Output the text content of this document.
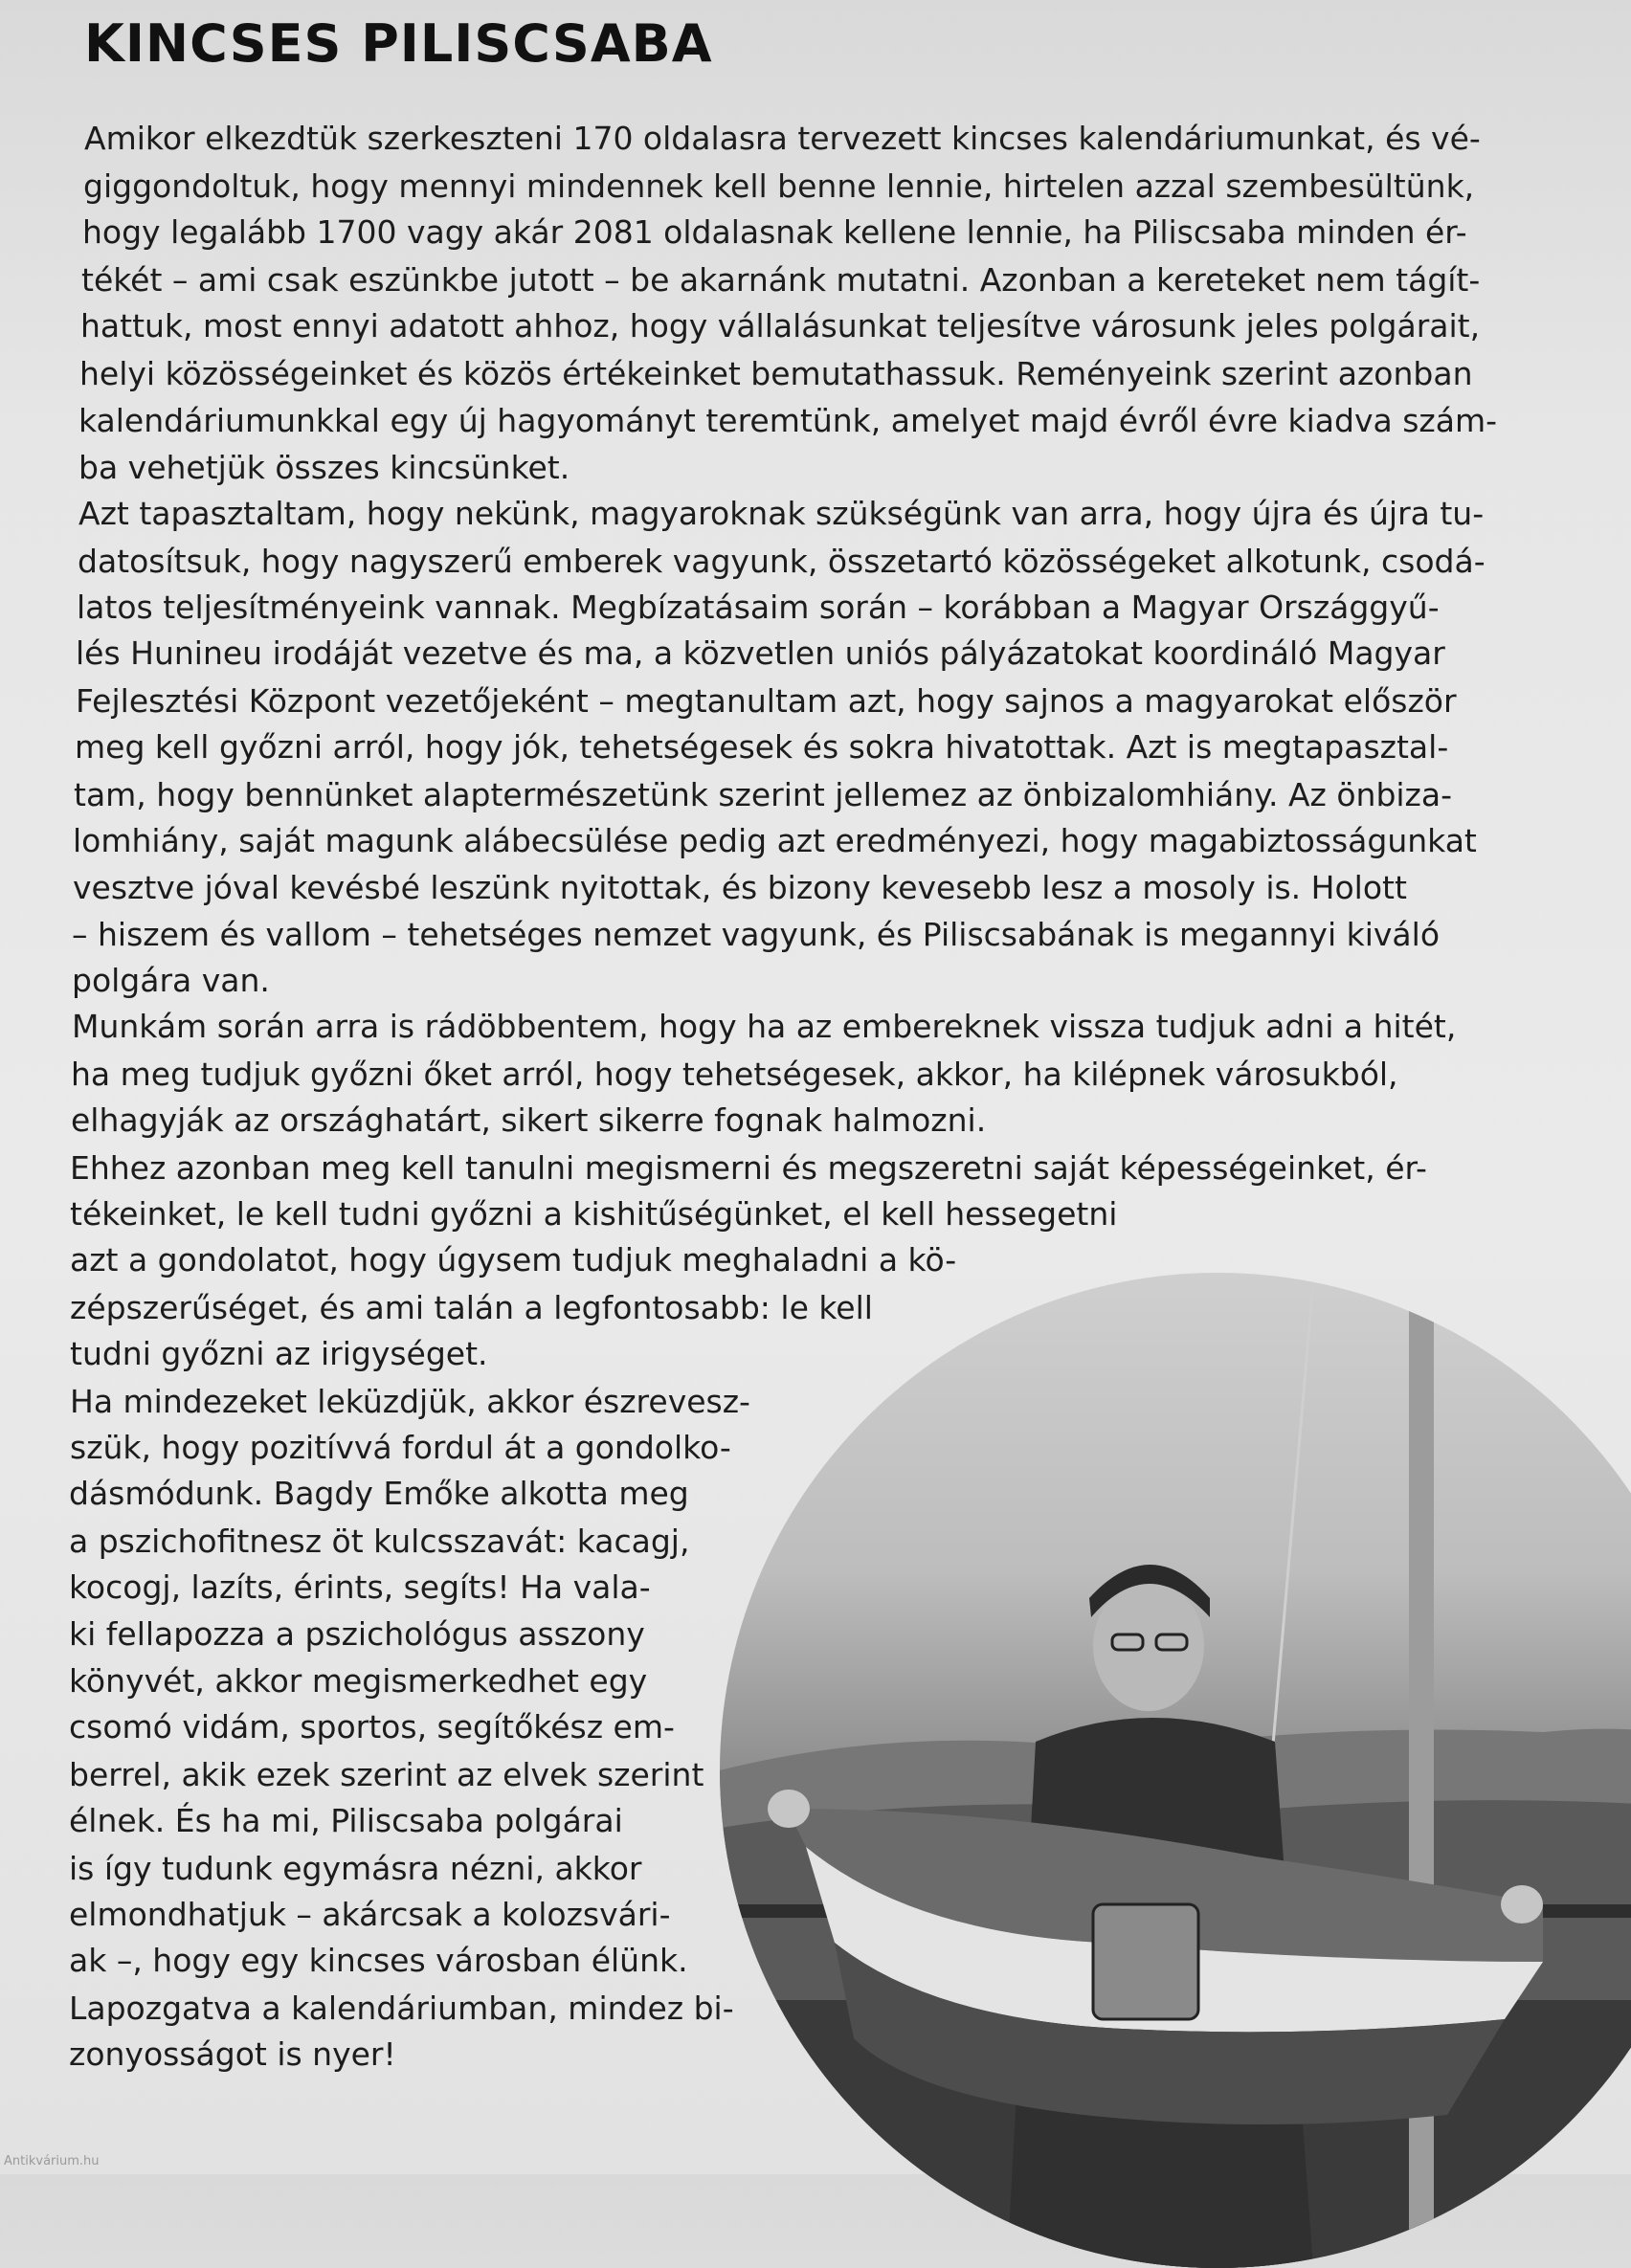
KINCSES PILISCSABA
Amikor elkezdtük szerkeszteni 170 oldalasra tervezett kincses kalendáriumunkat, és vé-
giggondoltuk, hogy mennyi mindennek kell benne lennie, hirtelen azzal szembesültünk,
hogy legalább 1700 vagy akár 2081 oldalasnak kellene lennie, ha Piliscsaba minden ér-
tékét – ami csak eszünkbe jutott – be akarnánk mutatni. Azonban a kereteket nem tágít-
hattuk, most ennyi adatott ahhoz, hogy vállalásunkat teljesítve városunk jeles polgárait,
helyi közösségeinket és közös értékeinket bemutathassuk. Reményeink szerint azonban
kalendáriumunkkal egy új hagyományt teremtünk, amelyet majd évről évre kiadva szám-
ba vehetjük összes kincsünket.
Azt tapasztaltam, hogy nekünk, magyaroknak szükségünk van arra, hogy újra és újra tu-
datosítsuk, hogy nagyszerű emberek vagyunk, összetartó közösségeket alkotunk, csodá-
latos teljesítményeink vannak. Megbízatásaim során – korábban a Magyar Országgyű-
lés Hunineu irodáját vezetve és ma, a közvetlen uniós pályázatokat koordináló Magyar
Fejlesztési Központ vezetőjeként – megtanultam azt, hogy sajnos a magyarokat először
meg kell győzni arról, hogy jók, tehetségesek és sokra hivatottak. Azt is megtapasztal-
tam, hogy bennünket alaptermészetünk szerint jellemez az önbizalomhiány. Az önbiza-
lomhiány, saját magunk alábecsülése pedig azt eredményezi, hogy magabiztosságunkat
vesztve jóval kevésbé leszünk nyitottak, és bizony kevesebb lesz a mosoly is. Holott
– hiszem és vallom – tehetséges nemzet vagyunk, és Piliscsabának is megannyi kiváló
polgára van.
Munkám során arra is rádöbbentem, hogy ha az embereknek vissza tudjuk adni a hitét,
ha meg tudjuk győzni őket arról, hogy tehetségesek, akkor, ha kilépnek városukból,
elhagyják az országhatárt, sikert sikerre fognak halmozni.
Ehhez azonban meg kell tanulni megismerni és megszeretni saját képességeinket, ér-
tékeinket, le kell tudni győzni a kishitűségünket, el kell hessegetni
azt a gondolatot, hogy úgysem tudjuk meghaladni a kö-
zépszerűséget, és ami talán a legfontosabb: le kell
tudni győzni az irigységet.
Ha mindezeket leküzdjük, akkor észrevesz-
szük, hogy pozitívvá fordul át a gondolko-
dásmódunk. Bagdy Emőke alkotta meg
a pszichofitnesz öt kulcsszavát: kacagj,
kocogj, lazíts, érints, segíts! Ha vala-
ki fellapozza a pszichológus asszony
könyvét, akkor megismerkedhet egy
csomó vidám, sportos, segítőkész em-
berrel, akik ezek szerint az elvek szerint
élnek. És ha mi, Piliscsaba polgárai
is így tudunk egymásra nézni, akkor
elmondhatjuk – akárcsak a kolozsvári-
ak –, hogy egy kincses városban élünk.
Lapozgatva a kalendáriumban, mindez bi-
zonyosságot is nyer!
Antikvárium.hu
